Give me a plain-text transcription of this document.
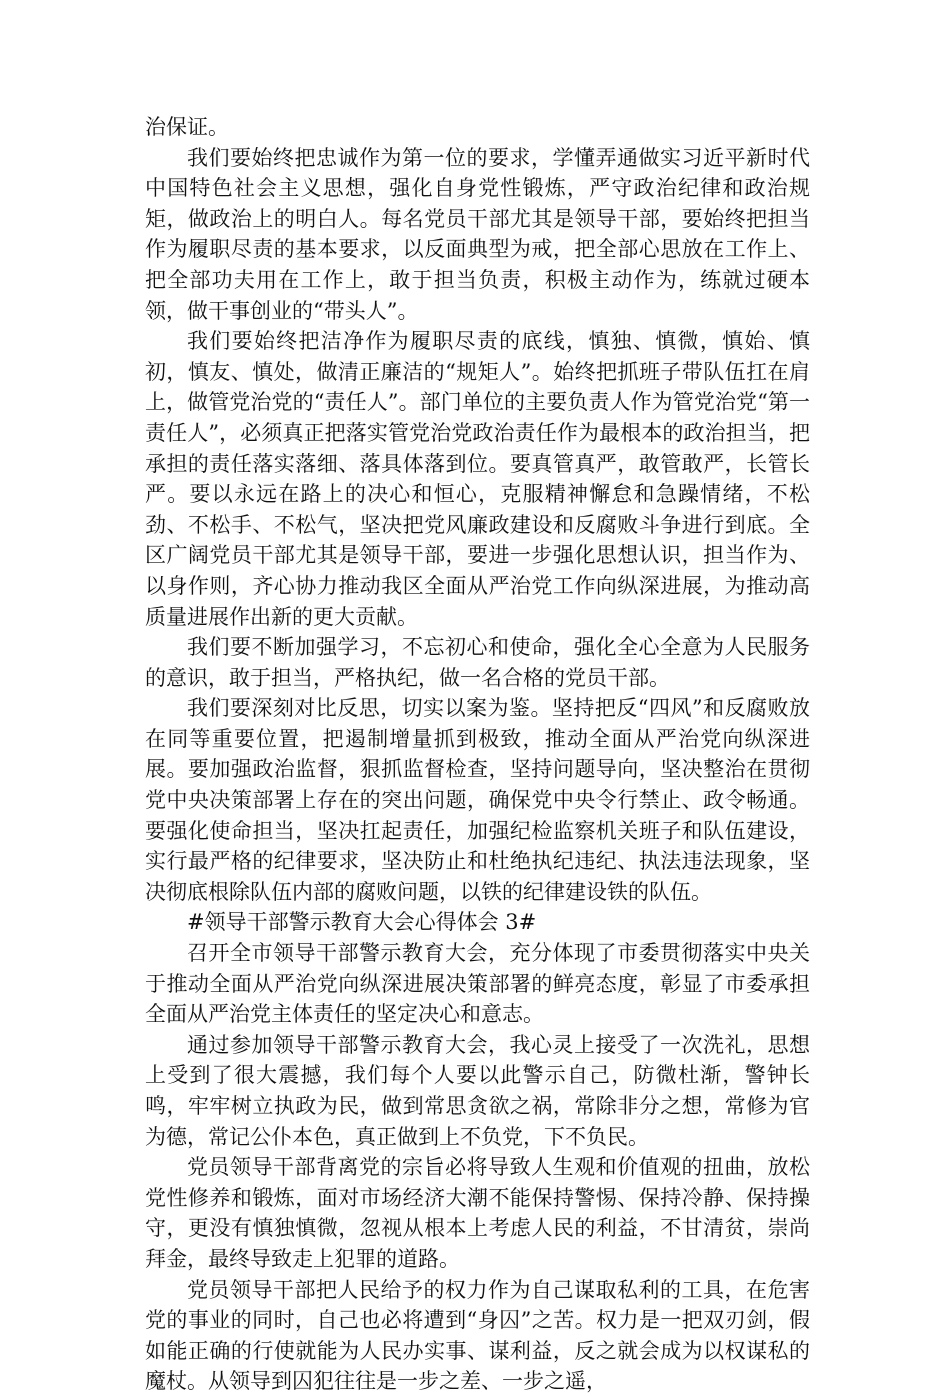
治保证。

我们要始终把忠诚作为第一位的要求，学懂弄通做实习近平新时代中国特色社会主义思想，强化自身党性锻炼，严守政治纪律和政治规矩，做政治上的明白人。每名党员干部尤其是领导干部，要始终把担当作为履职尽责的基本要求，以反面典型为戒，把全部心思放在工作上、把全部功夫用在工作上，敢于担当负责，积极主动作为，练就过硬本领，做干事创业的“带头人”。

我们要始终把洁净作为履职尽责的底线，慎独、慎微，慎始、慎初，慎友、慎处，做清正廉洁的“规矩人”。始终把抓班子带队伍扛在肩上，做管党治党的“责任人”。部门单位的主要负责人作为管党治党“第一责任人”，必须真正把落实管党治党政治责任作为最根本的政治担当，把承担的责任落实落细、落具体落到位。要真管真严，敢管敢严，长管长严。要以永远在路上的决心和恒心，克服精神懈怠和急躁情绪，不松劲、不松手、不松气，坚决把党风廉政建设和反腐败斗争进行到底。全区广阔党员干部尤其是领导干部，要进一步强化思想认识，担当作为、以身作则，齐心协力推动我区全面从严治党工作向纵深进展，为推动高质量进展作出新的更大贡献。

我们要不断加强学习，不忘初心和使命，强化全心全意为人民服务的意识，敢于担当，严格执纪，做一名合格的党员干部。

我们要深刻对比反思，切实以案为鉴。坚持把反“四风”和反腐败放在同等重要位置，把遏制增量抓到极致，推动全面从严治党向纵深进展。要加强政治监督，狠抓监督检查，坚持问题导向，坚决整治在贯彻党中央决策部署上存在的突出问题，确保党中央令行禁止、政令畅通。要强化使命担当，坚决扛起责任，加强纪检监察机关班子和队伍建设，实行最严格的纪律要求，坚决防止和杜绝执纪违纪、执法违法现象，坚决彻底根除队伍内部的腐败问题，以铁的纪律建设铁的队伍。

#领导干部警示教育大会心得体会 3#

召开全市领导干部警示教育大会，充分体现了市委贯彻落实中央关于推动全面从严治党向纵深进展决策部署的鲜亮态度，彰显了市委承担全面从严治党主体责任的坚定决心和意志。

通过参加领导干部警示教育大会，我心灵上接受了一次洗礼，思想上受到了很大震撼，我们每个人要以此警示自己，防微杜渐，警钟长鸣，牢牢树立执政为民，做到常思贪欲之祸，常除非分之想，常修为官为德，常记公仆本色，真正做到上不负党，下不负民。

党员领导干部背离党的宗旨必将导致人生观和价值观的扭曲，放松党性修养和锻炼，面对市场经济大潮不能保持警惕、保持冷静、保持操守，更没有慎独慎微，忽视从根本上考虑人民的利益，不甘清贫，崇尚拜金，最终导致走上犯罪的道路。

党员领导干部把人民给予的权力作为自己谋取私利的工具，在危害党的事业的同时，自己也必将遭到“身囚”之苦。权力是一把双刃剑，假如能正确的行使就能为人民办实事、谋利益，反之就会成为以权谋私的魔杖。从领导到囚犯往往是一步之差、一步之遥，
